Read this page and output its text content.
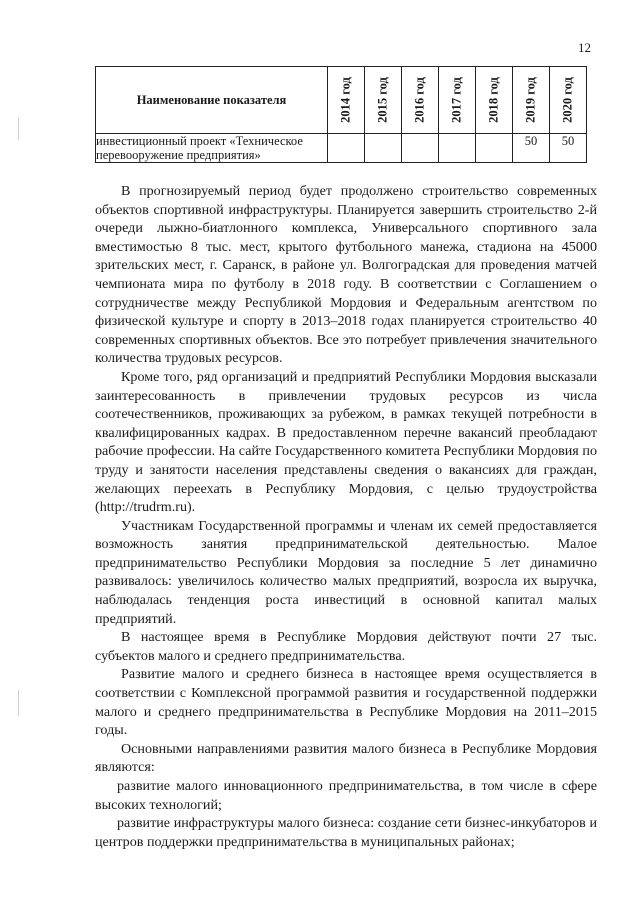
12
Наименование показателя	2014 год	2015 год	2016 год	2017 год	2018 год	2019 год	2020 год

инвестиционный проект «Техническое перевооружение предприятия»						50	50

В прогнозируемый период будет продолжено строительство современных объектов спортивной инфраструктуры. Планируется завершить строительство 2-й очереди лыжно-биатлонного комплекса, Универсального спортивного зала вместимостью 8 тыс. мест, крытого футбольного манежа, стадиона на 45000 зрительских мест, г. Саранск, в районе ул. Волгоградская для проведения матчей чемпионата мира по футболу в 2018 году. В соответствии с Соглашением о сотрудничестве между Республикой Мордовия и Федеральным агентством по физической культуре и спорту в 2013–2018 годах планируется строительство 40 современных спортивных объектов. Все это потребует привлечения значительного количества трудовых ресурсов.

Кроме того, ряд организаций и предприятий Республики Мордовия высказали заинтересованность в привлечении трудовых ресурсов из числа соотечественников, проживающих за рубежом, в рамках текущей потребности в квалифицированных кадрах. В предоставленном перечне вакансий преобладают рабочие профессии. На сайте Государственного комитета Республики Мордовия по труду и занятости населения представлены сведения о вакансиях для граждан, желающих переехать в Республику Мордовия, с целью трудоустройства (http://trudrm.ru).

Участникам Государственной программы и членам их семей предоставляется возможность занятия предпринимательской деятельностью. Малое предпринимательство Республики Мордовия за последние 5 лет динамично развивалось: увеличилось количество малых предприятий, возросла их выручка, наблюдалась тенденция роста инвестиций в основной капитал малых предприятий.

В настоящее время в Республике Мордовия действуют почти 27 тыс. субъектов малого и среднего предпринимательства.

Развитие малого и среднего бизнеса в настоящее время осуществляется в соответствии с Комплексной программой развития и государственной поддержки малого и среднего предпринимательства в Республике Мордовия на 2011–2015 годы.

Основными направлениями развития малого бизнеса в Республике Мордовия являются:

развитие малого инновационного предпринимательства, в том числе в сфере высоких технологий;

развитие инфраструктуры малого бизнеса: создание сети бизнес-инкубаторов и центров поддержки предпринимательства в муниципальных районах;
